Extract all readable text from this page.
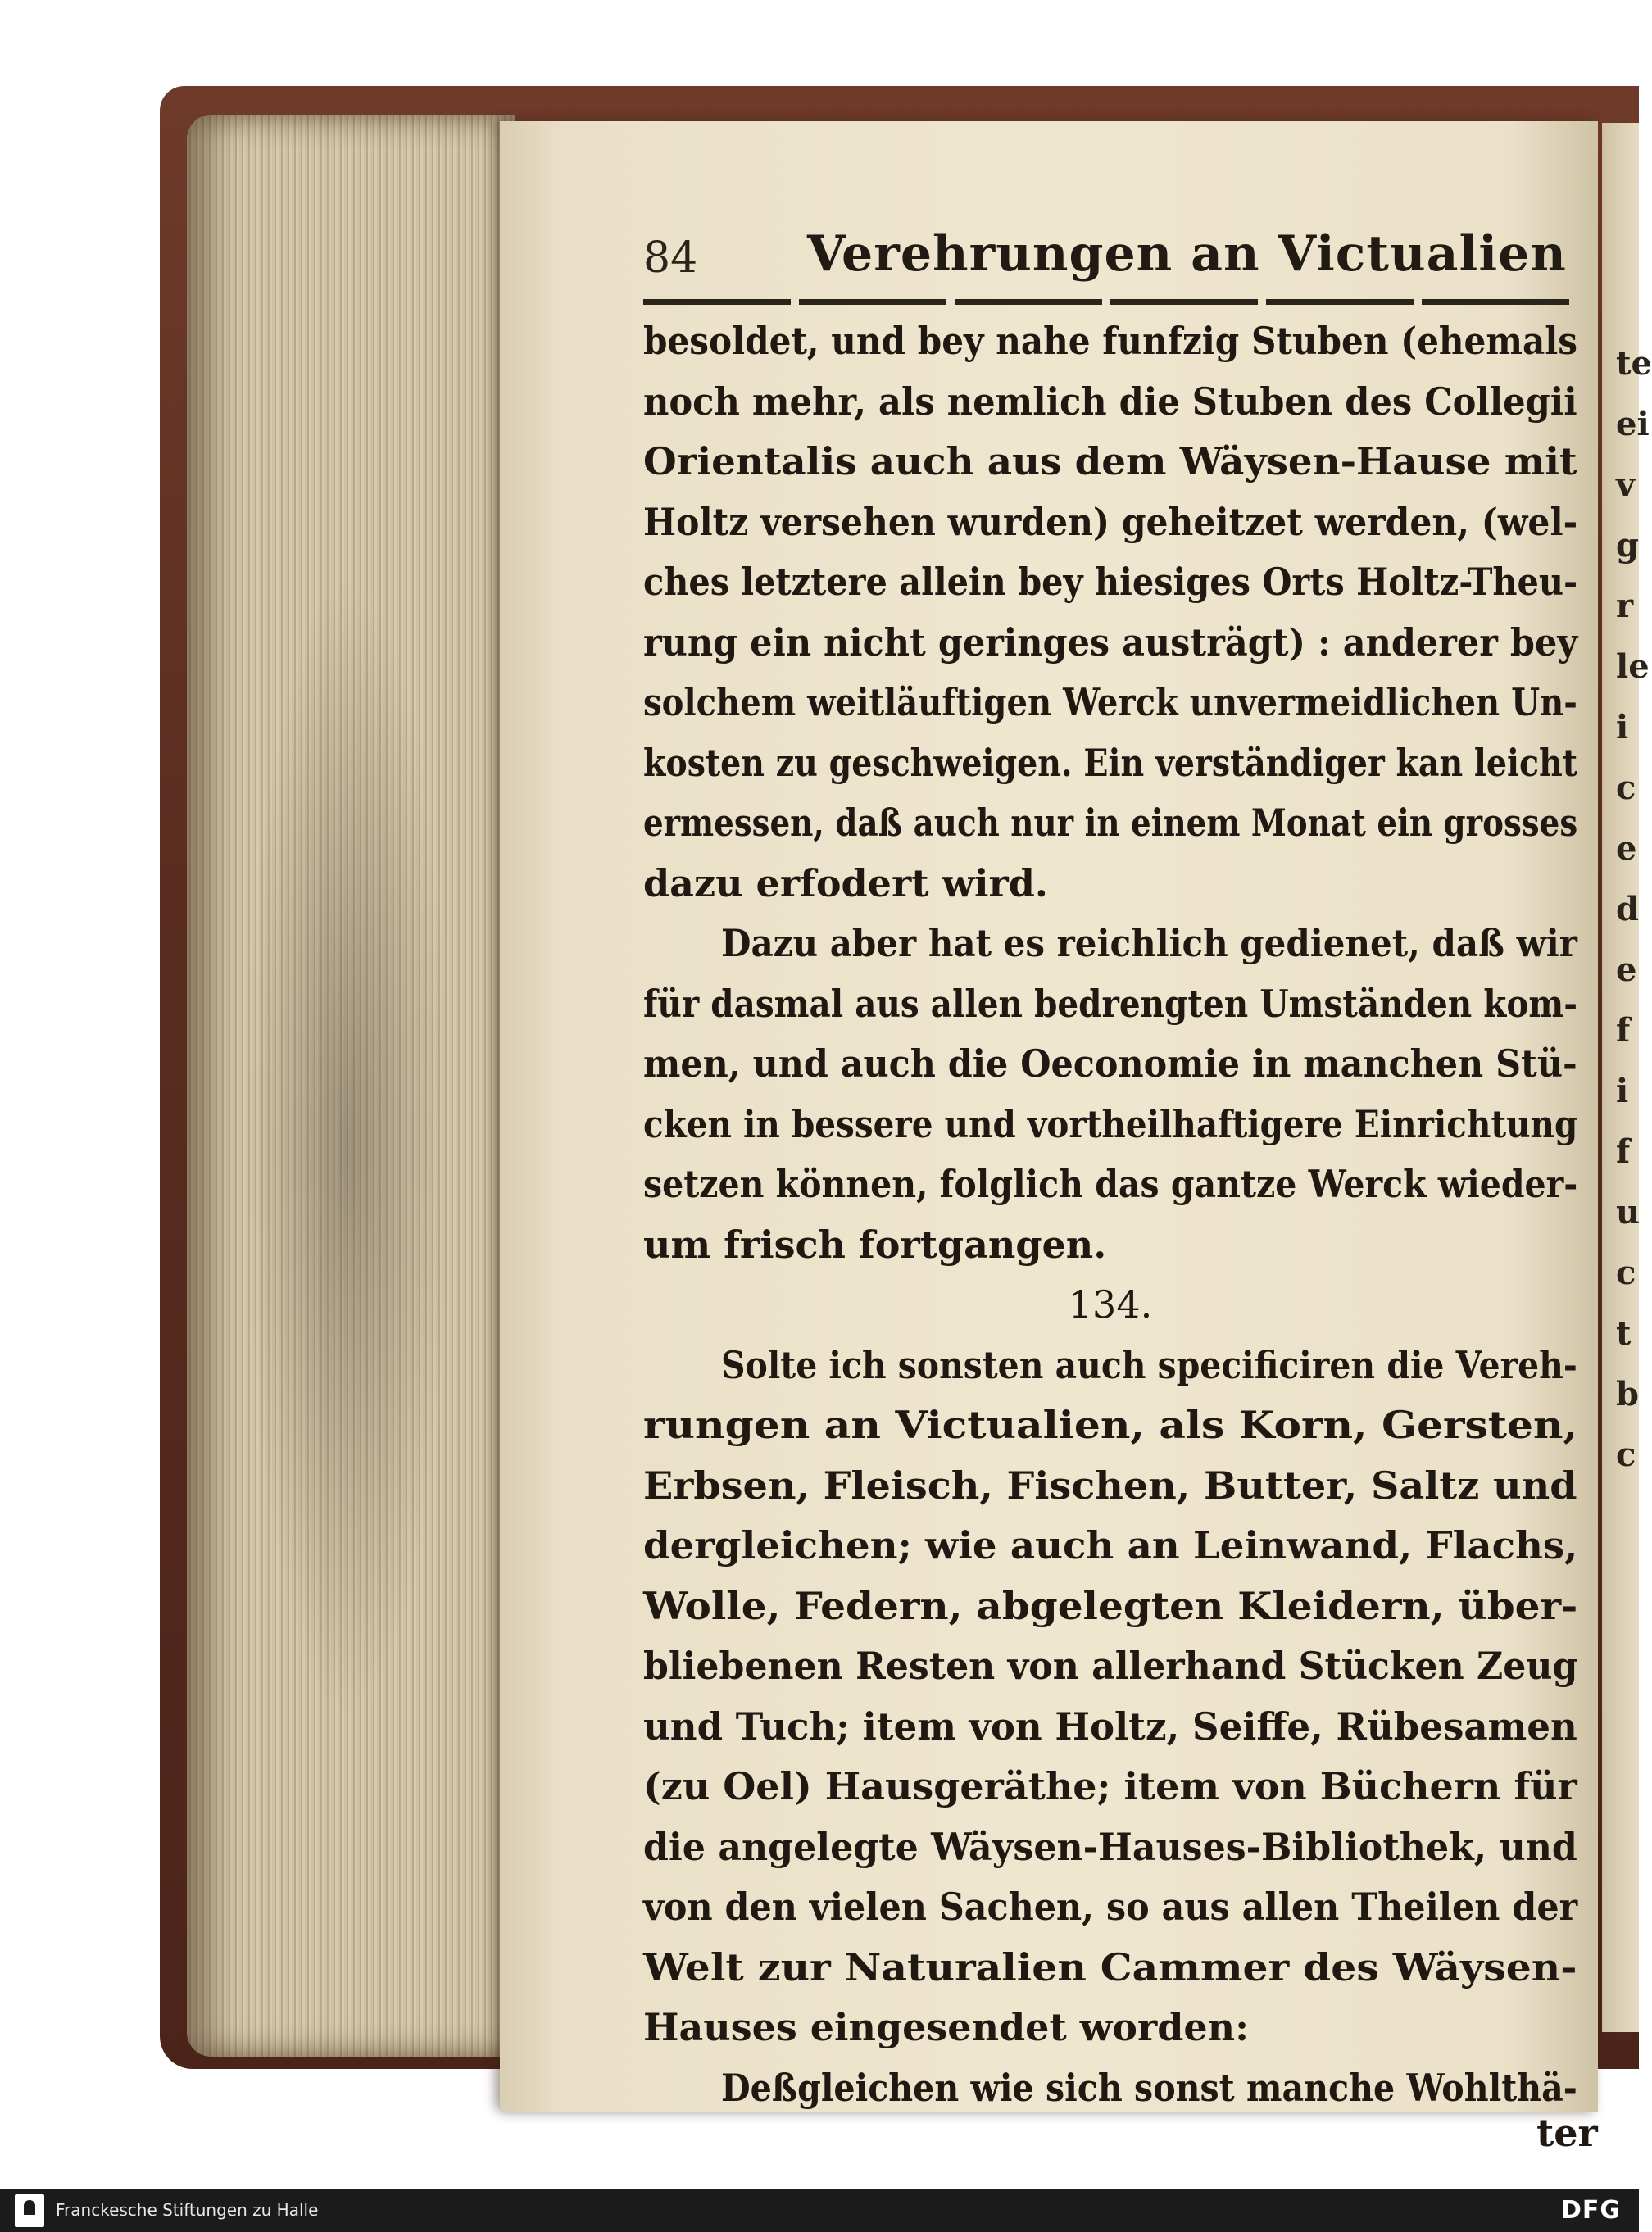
te
ei
v
g
r
le
i
c
e
d
e
f
i
f
u
c
t
b
c
84 Verehrungen an Victualien
besoldet, und bey nahe funfzig Stuben (ehemals
noch mehr, als nemlich die Stuben des Collegii
Orientalis auch aus dem Wäysen-Hause mit
Holtz versehen wurden) geheitzet werden, (wel-
ches letztere allein bey hiesiges Orts Holtz-Theu-
rung ein nicht geringes austrägt) : anderer bey
solchem weitläuftigen Werck unvermeidlichen Un-
kosten zu geschweigen. Ein verständiger kan leicht
ermessen, daß auch nur in einem Monat ein grosses
dazu erfodert wird.
Dazu aber hat es reichlich gedienet, daß wir
für dasmal aus allen bedrengten Umständen kom-
men, und auch die Oeconomie in manchen Stü-
cken in bessere und vortheilhaftigere Einrichtung
setzen können, folglich das gantze Werck wieder-
um frisch fortgangen.
134.
Solte ich sonsten auch specificiren die Vereh-
rungen an Victualien, als Korn, Gersten,
Erbsen, Fleisch, Fischen, Butter, Saltz und
dergleichen; wie auch an Leinwand, Flachs,
Wolle, Federn, abgelegten Kleidern, über-
bliebenen Resten von allerhand Stücken Zeug
und Tuch; item von Holtz, Seiffe, Rübesamen
(zu Oel) Hausgeräthe; item von Büchern für
die angelegte Wäysen-Hauses-Bibliothek, und
von den vielen Sachen, so aus allen Theilen der
Welt zur Naturalien Cammer des Wäysen-
Hauses eingesendet worden:
Deßgleichen wie sich sonst manche Wohlthä-
ter
Franckesche Stiftungen zu Halle	DFG
